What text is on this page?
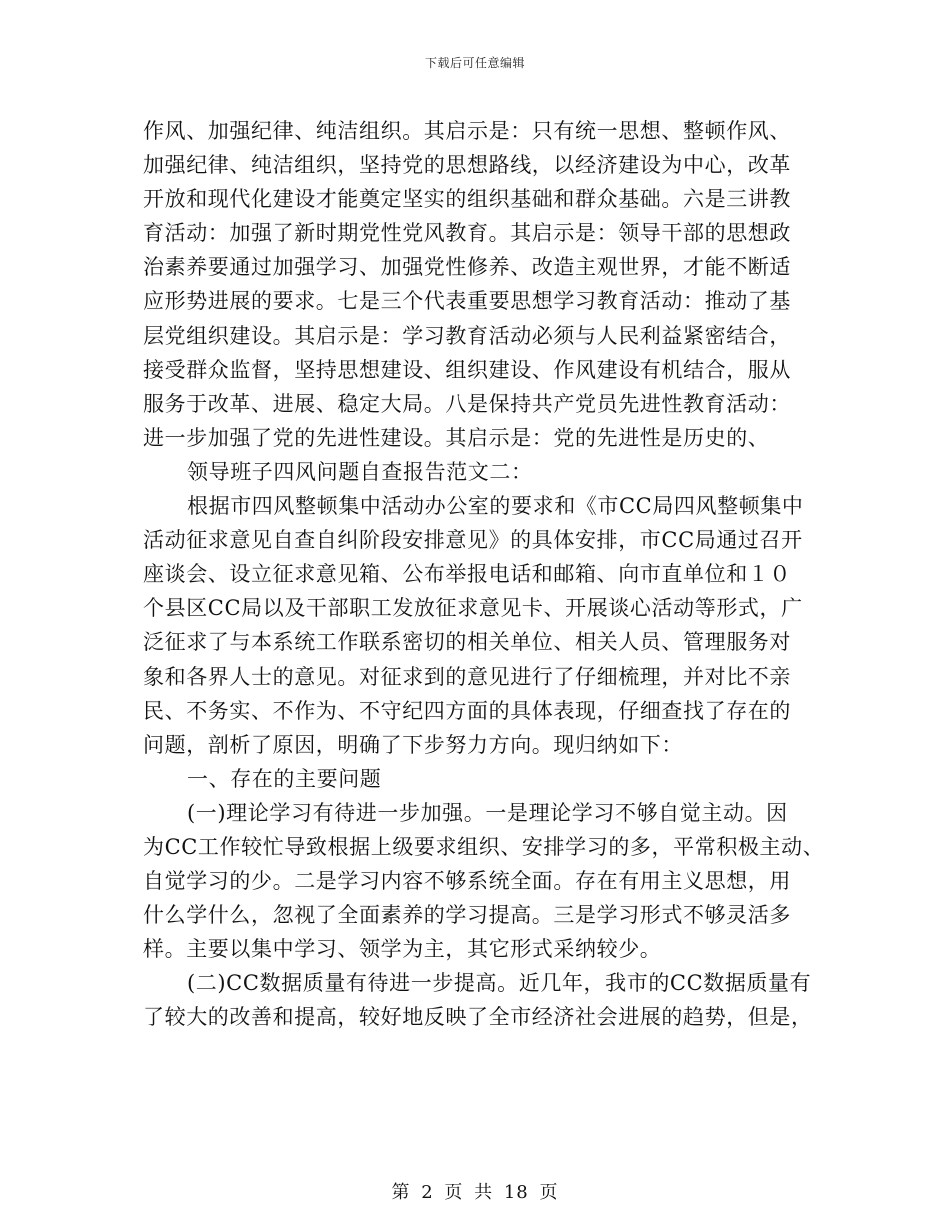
下载后可任意编辑
作风、加强纪律、纯洁组织。其启示是：只有统一思想、整顿作风、
加强纪律、纯洁组织，坚持党的思想路线，以经济建设为中心，改革
开放和现代化建设才能奠定坚实的组织基础和群众基础。六是三讲教
育活动：加强了新时期党性党风教育。其启示是：领导干部的思想政
治素养要通过加强学习、加强党性修养、改造主观世界，才能不断适
应形势进展的要求。七是三个代表重要思想学习教育活动：推动了基
层党组织建设。其启示是：学习教育活动必须与人民利益紧密结合，
接受群众监督，坚持思想建设、组织建设、作风建设有机结合，服从
服务于改革、进展、稳定大局。八是保持共产党员先进性教育活动：
进一步加强了党的先进性建设。其启示是：党的先进性是历史的、
领导班子四风问题自查报告范文二：
根据市四风整顿集中活动办公室的要求和《市CC局四风整顿集中
活动征求意见自查自纠阶段安排意见》的具体安排，市CC局通过召开
座谈会、设立征求意见箱、公布举报电话和邮箱、向市直单位和１０
个县区CC局以及干部职工发放征求意见卡、开展谈心活动等形式，广
泛征求了与本系统工作联系密切的相关单位、相关人员、管理服务对
象和各界人士的意见。对征求到的意见进行了仔细梳理，并对比不亲
民、不务实、不作为、不守纪四方面的具体表现，仔细查找了存在的
问题，剖析了原因，明确了下步努力方向。现归纳如下：
一、存在的主要问题
(一)理论学习有待进一步加强。一是理论学习不够自觉主动。因
为CC工作较忙导致根据上级要求组织、安排学习的多，平常积极主动、
自觉学习的少。二是学习内容不够系统全面。存在有用主义思想，用
什么学什么，忽视了全面素养的学习提高。三是学习形式不够灵活多
样。主要以集中学习、领学为主，其它形式采纳较少。
(二)CC数据质量有待进一步提高。近几年，我市的CC数据质量有
了较大的改善和提高，较好地反映了全市经济社会进展的趋势，但是，
第 2 页 共 18 页
